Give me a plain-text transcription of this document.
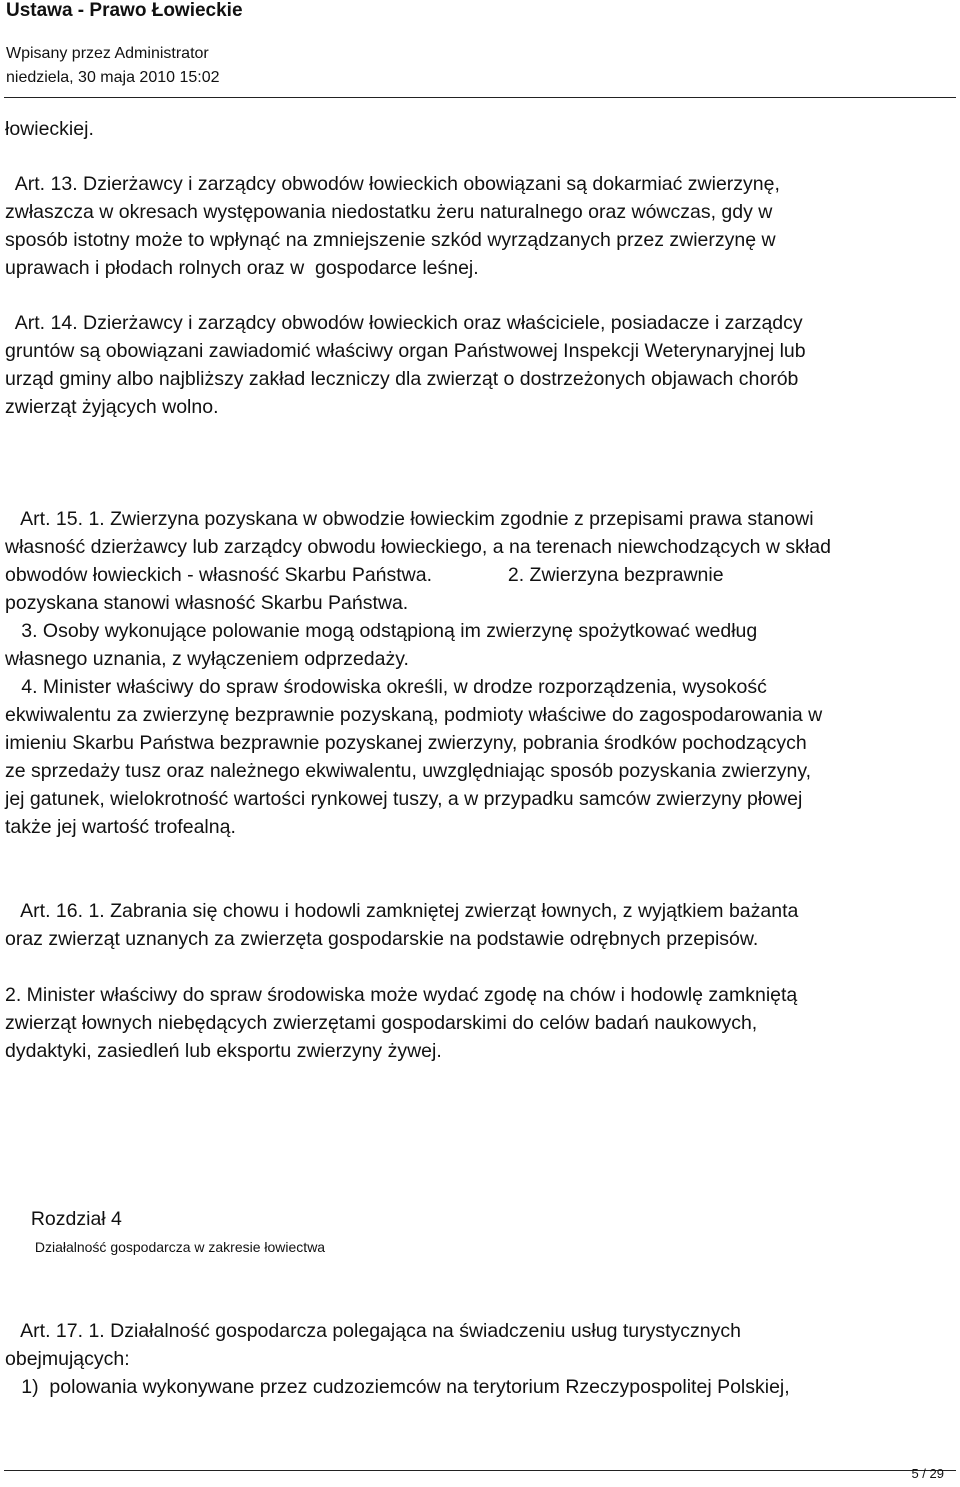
Ustawa - Prawo Łowieckie
Wpisany przez Administrator
niedziela, 30 maja 2010 15:02
łowieckiej.
Art. 13. Dzierżawcy i zarządcy obwodów łowieckich obowiązani są dokarmiać zwierzynę,
zwłaszcza w okresach występowania niedostatku żeru naturalnego oraz wówczas, gdy w
sposób istotny może to wpłynąć na zmniejszenie szkód wyrządzanych przez zwierzynę w
uprawach i płodach rolnych oraz w  gospodarce leśnej.
Art. 14. Dzierżawcy i zarządcy obwodów łowieckich oraz właściciele, posiadacze i zarządcy
gruntów są obowiązani zawiadomić właściwy organ Państwowej Inspekcji Weterynaryjnej lub
urząd gminy albo najbliższy zakład leczniczy dla zwierząt o dostrzeżonych objawach chorób
zwierząt żyjących wolno.
Art. 15. 1. Zwierzyna pozyskana w obwodzie łowieckim zgodnie z przepisami prawa stanowi
własność dzierżawcy lub zarządcy obwodu łowieckiego, a na terenach niewchodzących w skład
obwodów łowieckich - własność Skarbu Państwa.              2. Zwierzyna bezprawnie
pozyskana stanowi własność Skarbu Państwa.
3. Osoby wykonujące polowanie mogą odstąpioną im zwierzynę spożytkować według
własnego uznania, z wyłączeniem odprzedaży.
4. Minister właściwy do spraw środowiska określi, w drodze rozporządzenia, wysokość
ekwiwalentu za zwierzynę bezprawnie pozyskaną, podmioty właściwe do zagospodarowania w
imieniu Skarbu Państwa bezprawnie pozyskanej zwierzyny, pobrania środków pochodzących
ze sprzedaży tusz oraz należnego ekwiwalentu, uwzględniając sposób pozyskania zwierzyny,
jej gatunek, wielokrotność wartości rynkowej tuszy, a w przypadku samców zwierzyny płowej
także jej wartość trofealną.
Art. 16. 1. Zabrania się chowu i hodowli zamkniętej zwierząt łownych, z wyjątkiem bażanta
oraz zwierząt uznanych za zwierzęta gospodarskie na podstawie odrębnych przepisów.
2. Minister właściwy do spraw środowiska może wydać zgodę na chów i hodowlę zamkniętą
zwierząt łownych niebędących zwierzętami gospodarskimi do celów badań naukowych,
dydaktyki, zasiedleń lub eksportu zwierzyny żywej.

Rozdział 4
Działalność gospodarcza w zakresie łowiectwa

Art. 17. 1. Działalność gospodarcza polegająca na świadczeniu usług turystycznych
obejmujących:
1)  polowania wykonywane przez cudzoziemców na terytorium Rzeczypospolitej Polskiej,
5 / 29
